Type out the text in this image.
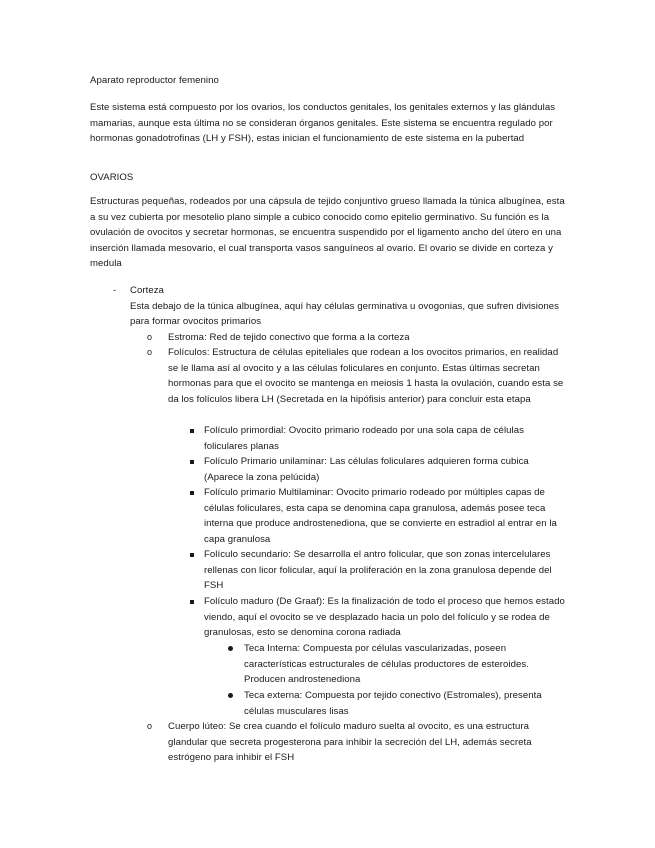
Aparato reproductor femenino

Este sistema está compuesto por los ovarios, los conductos genitales, los genitales externos y las glándulas mamarias, aunque esta última no se consideran órganos genitales. Este sistema se encuentra regulado por hormonas gonadotrofinas (LH y FSH), estas inician el funcionamiento de este sistema en la pubertad

OVARIOS

Estructuras pequeñas, rodeados por una cápsula de tejido conjuntivo grueso llamada la túnica albugínea, esta a su vez cubierta por mesotelio plano simple a cubico conocido como epitelio germinativo. Su función es la ovulación de ovocitos y secretar hormonas, se encuentra suspendido por el ligamento ancho del útero en una inserción llamada mesovario, el cual transporta vasos sanguíneos al ovario. El ovario se divide en corteza y medula

-	Corteza

Esta debajo de la túnica albugínea, aquí hay células germinativa u ovogonias, que sufren divisiones para formar ovocitos primarios

o Estroma: Red de tejido conectivo que forma a la corteza
o Folículos: Estructura de células epiteliales que rodean a los ovocitos primarios, en realidad se le llama así al ovocito y a las células foliculares en conjunto. Estas últimas secretan hormonas para que el ovocito se mantenga en meiosis 1 hasta la ovulación, cuando esta se da los folículos libera LH (Secretada en la hipófisis anterior) para concluir esta etapa
Folículo primordial: Ovocito primario rodeado por una sola capa de células foliculares planas
Folículo Primario unilaminar: Las células foliculares adquieren forma cubica (Aparece la zona pelúcida)
Folículo primario Multilaminar: Ovocito primario rodeado por múltiples capas de células foliculares, esta capa se denomina capa granulosa, además posee teca interna que produce androstenediona, que se convierte en estradiol al entrar en la capa granulosa
Folículo secundario: Se desarrolla el antro folicular, que son zonas intercelulares rellenas con licor folicular, aquí la proliferación en la zona granulosa depende del FSH
Folículo maduro (De Graaf): Es la finalización de todo el proceso que hemos estado viendo, aquí el ovocito se ve desplazado hacia un polo del folículo y se rodea de granulosas, esto se denomina corona radiada
Teca Interna: Compuesta por células vascularizadas, poseen características estructurales de células productores de esteroides. Producen androstenediona
Teca externa: Compuesta por tejido conectivo (Estromales), presenta células musculares lisas
o Cuerpo lúteo: Se crea cuando el folículo maduro suelta al ovocito, es una estructura glandular que secreta progesterona para inhibir la secreción del LH, además secreta estrógeno para inhibir el FSH
